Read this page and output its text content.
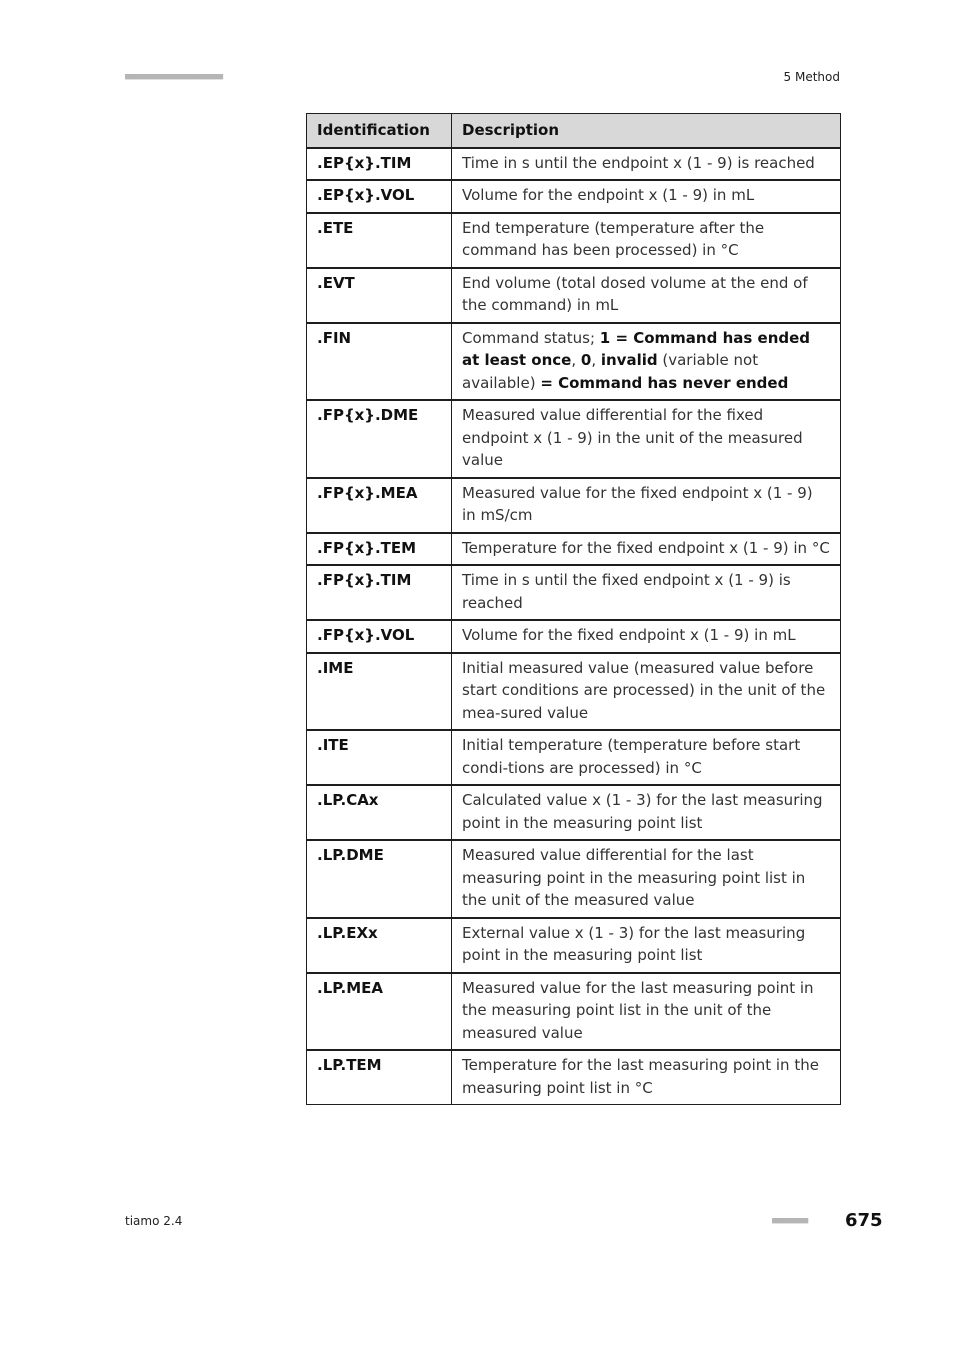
■■■■■■■■■■■■■■■■■■■■■■	5 Method
Identification	Description
.EP{x}.TIM	Time in s until the endpoint x (1 - 9) is reached
.EP{x}.VOL	Volume for the endpoint x (1 - 9) in mL
.ETE	End temperature (temperature after the command has been processed) in °C
.EVT	End volume (total dosed volume at the end of the command) in mL
.FIN	Command status; 1 = Command has ended at least once, 0, invalid (variable not available) = Command has never ended
.FP{x}.DME	Measured value differential for the fixed endpoint x (1 - 9) in the unit of the measured value
.FP{x}.MEA	Measured value for the fixed endpoint x (1 - 9) in mS/cm
.FP{x}.TEM	Temperature for the fixed endpoint x (1 - 9) in °C
.FP{x}.TIM	Time in s until the fixed endpoint x (1 - 9) is reached
.FP{x}.VOL	Volume for the fixed endpoint x (1 - 9) in mL
.IME	Initial measured value (measured value before start conditions are processed) in the unit of the mea-sured value
.ITE	Initial temperature (temperature before start condi-tions are processed) in °C
.LP.CAx	Calculated value x (1 - 3) for the last measuring point in the measuring point list
.LP.DME	Measured value differential for the last measuring point in the measuring point list in the unit of the measured value
.LP.EXx	External value x (1 - 3) for the last measuring point in the measuring point list
.LP.MEA	Measured value for the last measuring point in the measuring point list in the unit of the measured value
.LP.TEM	Temperature for the last measuring point in the measuring point list in °C
tiamo 2.4	■■■■■■■■ 675
